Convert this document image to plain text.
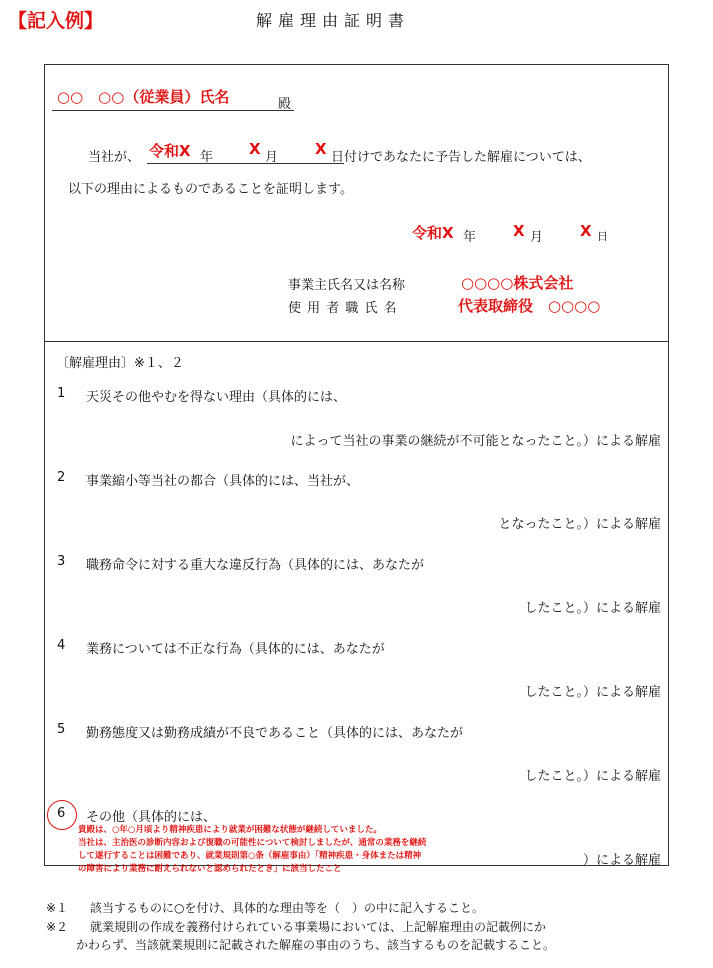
【記入例】	解雇理由証明書
○○　○○（従業員）氏名	殿
当社が、 令和X 年 X 月 X 日付けであなたに予告した解雇については、
以下の理由によるものであることを証明します。
令和X 年 X 月 X 日
事業主氏名又は名称	○○○○株式会社
使 用 者 職 氏 名	代表取締役　○○○○
〔解雇理由〕※１、２
1 天災その他やむを得ない理由（具体的には、
によって当社の事業の継続が不可能となったこと。）による解雇
2 事業縮小等当社の都合（具体的には、当社が、
となったこと。）による解雇
3 職務命令に対する重大な違反行為（具体的には、あなたが
したこと。）による解雇
4 業務については不正な行為（具体的には、あなたが
したこと。）による解雇
5 勤務態度又は勤務成績が不良であること（具体的には、あなたが
したこと。）による解雇
6 その他（具体的には、
貴殿は、○年○月頃より精神疾患により就業が困難な状態が継続していました。
当社は、主治医の診断内容および復職の可能性について検討しましたが、通常の業務を継続
して遂行することは困難であり、就業規則第○条（解雇事由）「精神疾患・身体または精神
の障害により業務に耐えられないと認められたとき」に該当したこと
）による解雇
※１ 該当するものに○を付け、具体的な理由等を（　）の中に記入すること。
※２ 就業規則の作成を義務付けられている事業場においては、上記解雇理由の記載例にか
かわらず、当該就業規則に記載された解雇の事由のうち、該当するものを記載すること。
